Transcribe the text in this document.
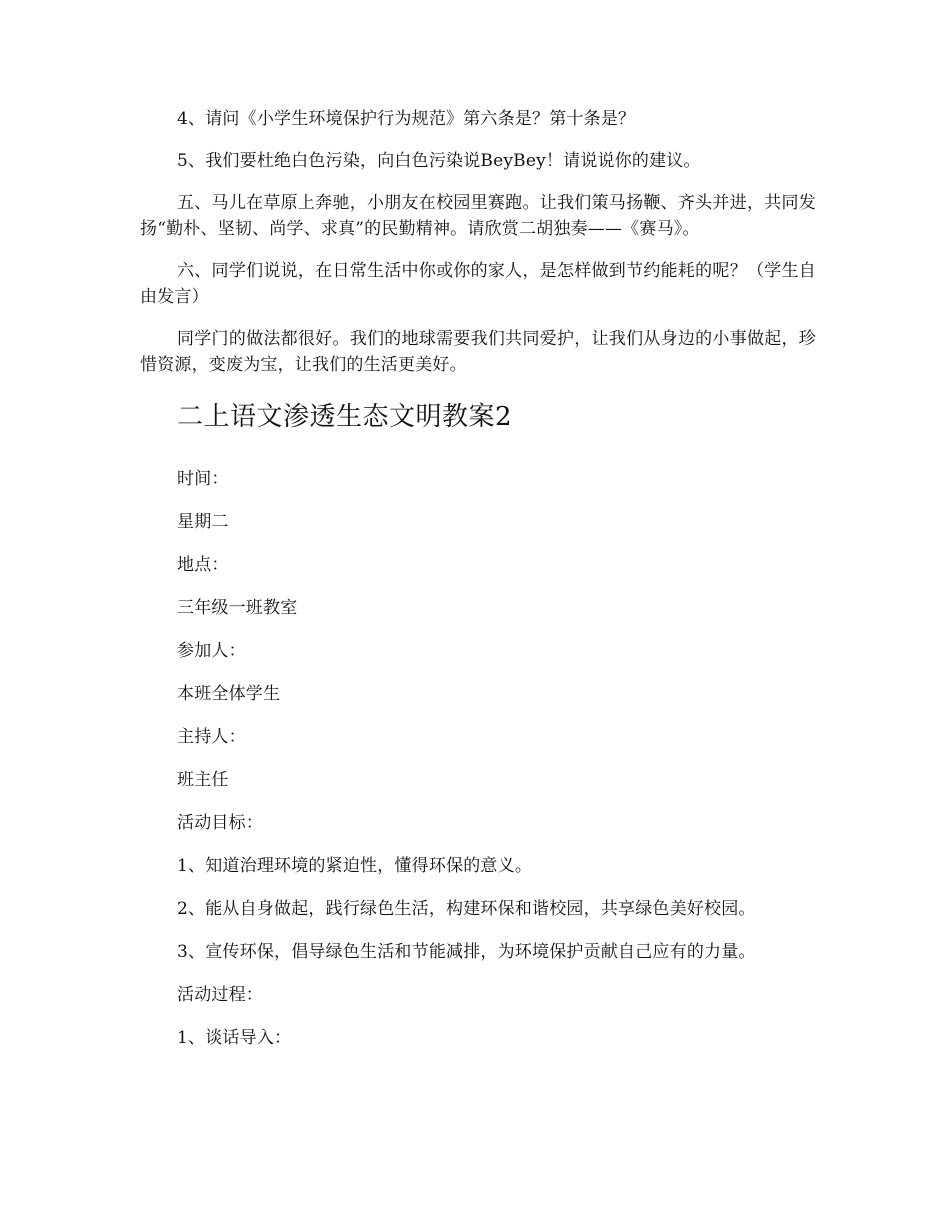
4、请问《小学生环境保护行为规范》第六条是？第十条是？

5、我们要杜绝白色污染，向白色污染说BeyBey！请说说你的建议。

五、马儿在草原上奔驰，小朋友在校园里赛跑。让我们策马扬鞭、齐头并进，共同发扬“勤朴、坚韧、尚学、求真”的民勤精神。请欣赏二胡独奏——《赛马》。

六、同学们说说，在日常生活中你或你的家人，是怎样做到节约能耗的呢？（学生自由发言）

同学门的做法都很好。我们的地球需要我们共同爱护，让我们从身边的小事做起，珍惜资源，变废为宝，让我们的生活更美好。

二上语文渗透生态文明教案2
时间：
星期二
地点：
三年级一班教室
参加人：
本班全体学生
主持人：
班主任
活动目标：
1、知道治理环境的紧迫性，懂得环保的意义。
2、能从自身做起，践行绿色生活，构建环保和谐校园，共享绿色美好校园。
3、宣传环保，倡导绿色生活和节能减排，为环境保护贡献自己应有的力量。
活动过程：
1、谈话导入：
